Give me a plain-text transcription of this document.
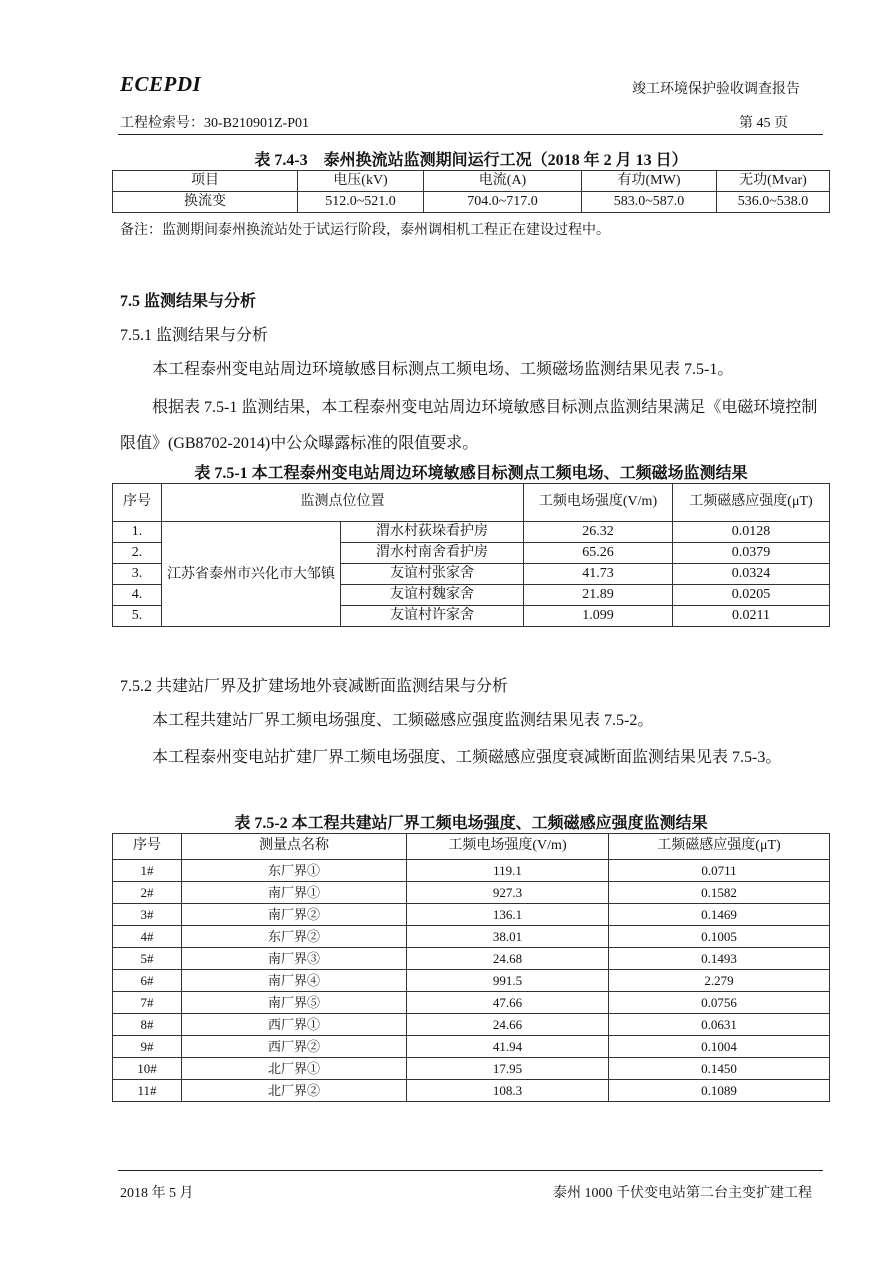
ECEPDI	竣工环境保护验收调查报告
工程检索号：30-B210901Z-P01	第 45 页
表 7.4-3　泰州换流站监测期间运行工况（2018 年 2 月 13 日）
项目	电压(kV)	电流(A)	有功(MW)	无功(Mvar)
换流变	512.0~521.0	704.0~717.0	583.0~587.0	536.0~538.0
备注：监测期间泰州换流站处于试运行阶段，泰州调相机工程正在建设过程中。
7.5 监测结果与分析
7.5.1 监测结果与分析
本工程泰州变电站周边环境敏感目标测点工频电场、工频磁场监测结果见表 7.5-1。
根据表 7.5-1 监测结果，本工程泰州变电站周边环境敏感目标测点监测结果满足《电磁环境控制限值》(GB8702-2014)中公众曝露标准的限值要求。
表 7.5-1 本工程泰州变电站周边环境敏感目标测点工频电场、工频磁场监测结果
序号	监测点位位置		工频电场强度(V/m)	工频磁感应强度(μT)
1.	江苏省泰州市兴化市大邹镇	渭水村荻垛看护房	26.32	0.0128
2.		渭水村南舍看护房	65.26	0.0379
3.		友谊村张家舍	41.73	0.0324
4.		友谊村魏家舍	21.89	0.0205
5.		友谊村许家舍	1.099	0.0211
7.5.2 共建站厂界及扩建场地外衰减断面监测结果与分析
本工程共建站厂界工频电场强度、工频磁感应强度监测结果见表 7.5-2。
本工程泰州变电站扩建厂界工频电场强度、工频磁感应强度衰减断面监测结果见表 7.5-3。
表 7.5-2 本工程共建站厂界工频电场强度、工频磁感应强度监测结果
序号	测量点名称	工频电场强度(V/m)	工频磁感应强度(μT)
1#	东厂界①	119.1	0.0711
2#	南厂界①	927.3	0.1582
3#	南厂界②	136.1	0.1469
4#	东厂界②	38.01	0.1005
5#	南厂界③	24.68	0.1493
6#	南厂界④	991.5	2.279
7#	南厂界⑤	47.66	0.0756
8#	西厂界①	24.66	0.0631
9#	西厂界②	41.94	0.1004
10#	北厂界①	17.95	0.1450
11#	北厂界②	108.3	0.1089
2018 年 5 月	泰州 1000 千伏变电站第二台主变扩建工程
